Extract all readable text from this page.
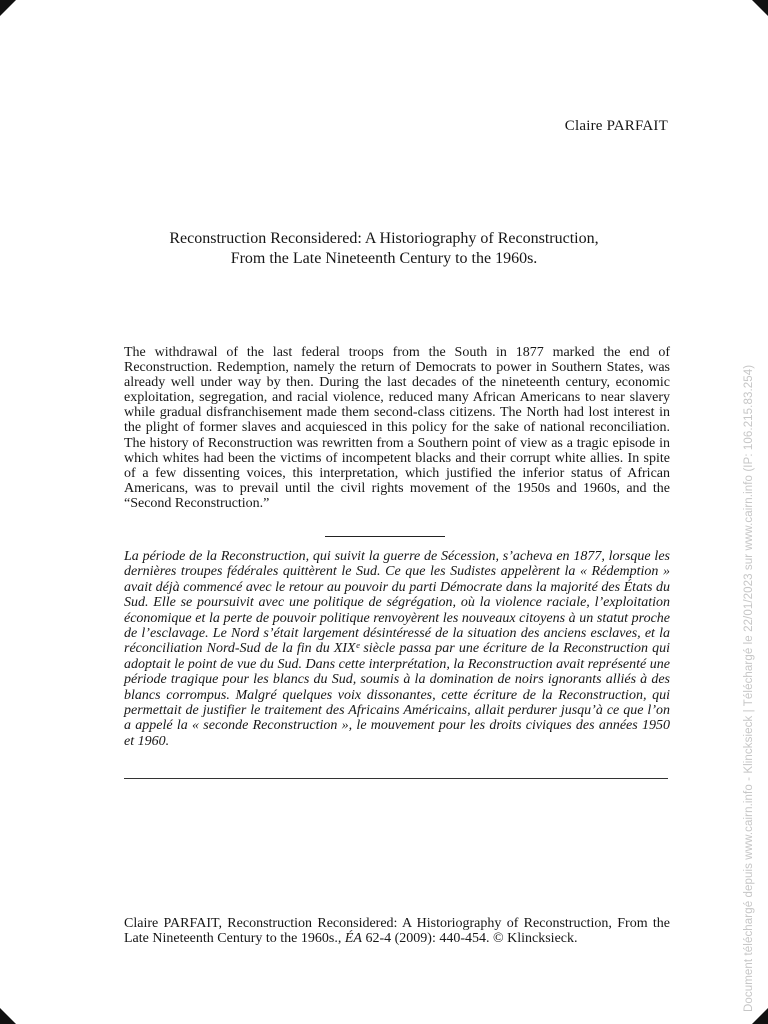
Claire PARFAIT
Reconstruction Reconsidered: A Historiography of Reconstruction,
From the Late Nineteenth Century to the 1960s.

The withdrawal of the last federal troops from the South in 1877 marked the end of Reconstruction. Redemption, namely the return of Democrats to power in Southern States, was already well under way by then. During the last decades of the nineteenth century, economic exploitation, segregation, and racial violence, reduced many African Americans to near slavery while gradual disfranchisement made them second-class citizens. The North had lost interest in the plight of former slaves and acquiesced in this policy for the sake of national reconciliation. The history of Reconstruction was rewritten from a Southern point of view as a tragic episode in which whites had been the victims of incompetent blacks and their corrupt white allies. In spite of a few dissenting voices, this interpretation, which justified the inferior status of African Americans, was to prevail until the civil rights movement of the 1950s and 1960s, and the “Second Reconstruction.”

La période de la Reconstruction, qui suivit la guerre de Sécession, s’acheva en 1877, lorsque les dernières troupes fédérales quittèrent le Sud. Ce que les Sudistes appelèrent la « Rédemption » avait déjà commencé avec le retour au pouvoir du parti Démocrate dans la majorité des États du Sud. Elle se poursuivit avec une politique de ségrégation, où la violence raciale, l’exploitation économique et la perte de pouvoir politique renvoyèrent les nouveaux citoyens à un statut proche de l’esclavage. Le Nord s’était largement désintéressé de la situation des anciens esclaves, et la réconciliation Nord-Sud de la fin du XIXᵉ siècle passa par une écriture de la Reconstruction qui adoptait le point de vue du Sud. Dans cette interprétation, la Reconstruction avait représenté une période tragique pour les blancs du Sud, soumis à la domination de noirs ignorants alliés à des blancs corrompus. Malgré quelques voix dissonantes, cette écriture de la Reconstruction, qui permettait de justifier le traitement des Africains Américains, allait perdurer jusqu’à ce que l’on a appelé la « seconde Reconstruction », le mouvement pour les droits civiques des années 1950 et 1960.

Claire PARFAIT, Reconstruction Reconsidered: A Historiography of Reconstruction, From the Late Nineteenth Century to the 1960s., ÉA 62-4 (2009): 440-454. © Klincksieck.	Document téléchargé depuis www.cairn.info - Klincksieck | Téléchargé le 22/01/2023 sur www.cairn.info (IP: 106.215.83.254)
